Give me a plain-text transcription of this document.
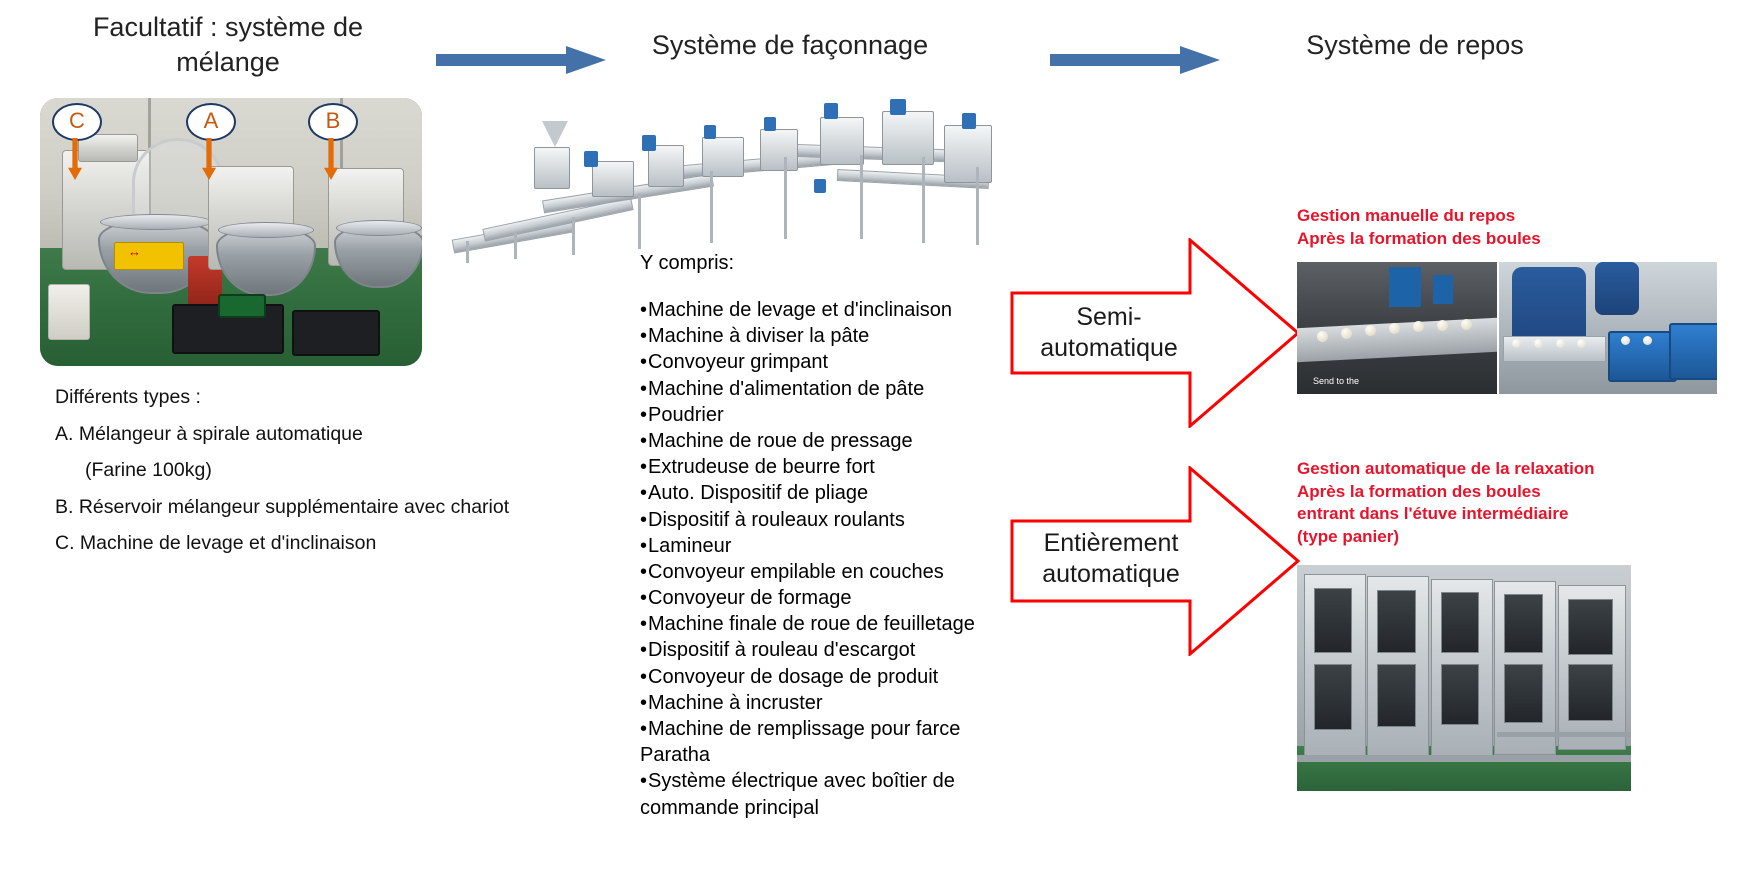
Facultatif : système de mélange
Système de façonnage	Système de repos
↔
C	A	B
Différents types :
A. Mélangeur à spirale automatique
(Farine 100kg)
B. Réservoir mélangeur supplémentaire avec chariot
C. Machine de levage et d'inclinaison
Y compris:
• Machine de levage et d'inclinaison
• Machine à diviser la pâte
• Convoyeur grimpant
• Machine d'alimentation de pâte
• Poudrier
• Machine de roue de pressage
• Extrudeuse de beurre fort
• Auto. Dispositif de pliage
• Dispositif à rouleaux roulants
• Lamineur
• Convoyeur empilable en couches
• Convoyeur de formage
• Machine finale de roue de feuilletage
• Dispositif à rouleau d'escargot
• Convoyeur de dosage de produit
• Machine à incruster
• Machine de remplissage pour farce Paratha
• Système électrique avec boîtier de commande principal
Semi-
automatique
Entièrement
automatique
Gestion manuelle du repos
Après la formation des boules
Send to the
Gestion automatique de la relaxation
Après la formation des boules
entrant dans l'étuve intermédiaire
(type panier)
